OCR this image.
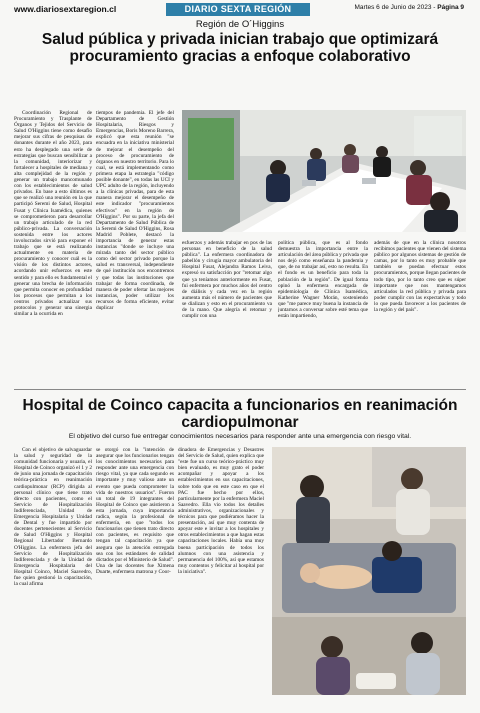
www.diariosextaregion.cl	DIARIO SEXTA REGIÓN	Martes 6 de Junio de 2023 - Página 9
Región de O´Higgins
Salud pública y privada inician trabajo que optimizará procuramiento gracias a enfoque colaborativo
Coordinación Regional de Procuramiento y Trasplante de Órganos y Tejidos del Servicio de Salud O'Higgins tiene como desafío mejorar sus cifras de pesquisas de donantes durante el año 2023, para esto ha desplegado una serie de estrategias que buscan sensibilizar a la comunidad, interiorizar y fortalecer a hospitales de mediana y alta complejidad de la región y generar un trabajo mancomunado con los establecimientos de salud privados. En base a esto últimos es que se realizó una reunión en la que participó Seremi de Salud, Hospital Fusat y Clínica Isamédica, quienes se comprometieron para desarrollar un trabajo articulado de la red público-privada. La conversación sostenida entre los actores involucrados sirvió para exponer el trabajo que se está realizando actualmente en materia de procuramiento y conocer cuál es la visión de los distintos actores, acordando unir esfuerzos en este sentido y para ello es fundamental el generar una brecha de información que permita conocer en profundidad los procesos que permitan a los centros privados actualizar sus protocolos y generar una sinergia similar a la ocurrida en
tiempos de pandemia. El jefe del Departamento de Gestión Hospitalaria, Riesgos y Emergencias, Boris Moreno Barrera, explicó que esta reunión "se encuadra en la iniciativa ministerial de mejorar el desempeño del proceso de procuramiento de órganos en nuestro territorio. Para lo cual, se está implementando como primera etapa la estrategia "código posible donante", en todas las UCI y UPC adulto de la región, incluyendo a la clínicas privadas, para de esta manera mejorar el desempeño de este indicador "procuramientos efectivos" en la región de O'Higgins". Por su parte, la jefa del Departamento de Salud Pública de la Seremi de Salud O'Higgins, Rosa Madrid Poblete, destacó la importancia de generar estas instancias "donde se incluye una mirada tanto del sector público como del sector privado porque la salud es transversal, independiente de qué institución nos encontremos y que todas las instituciones que trabajar de forma coordinada, de manera de poder ofertar las mejores instancias, poder utilizar los recursos de forma eficiente, evitar duplicar
esfuerzos y además trabajar en pos de las personas en beneficio de la salud pública". La enfermera coordinadora de pabellón y cirugía mayor ambulatoria del Hospital Fusat, Alejandra Ramos Leiva, expresó su satisfacción por "retomar algo que ya teníamos anteriormente en Fusat, fui enfermera por muchos años del centro de diálisis y cada vez en la región aumenta más el número de pacientes que se dializan y esto en el procuramiento va de la mano. Que alegría el retomar y cumplir con una
política pública, que es al fondo demuestra la importancia entre la articulación del área pública y privada que nos dejó como enseñanza la pandemia y que, de no trabajar así, esto no resulta. En el fondo es un beneficio para toda la población de la región". De igual forma opinó la enfermera encargada de epidemiología de Clínica Isamédica, Katherine Wagner Morán, sosteniendo que "me parece muy buena la instancia de juntarnos a conversar sobre esté tema que están impartiendo,
además de que en la clínica nosotros recibimos pacientes que vienen del sistema público por algunos sistemas de gestión de camas, por lo tanto es muy probable que también se puedan efectuar estos procuramientos, porque llegan pacientes de todo tipo, por lo tanto creo que es súper importante que nos mantengamos articulados la red pública y privada para poder cumplir con las expectativas y todo lo que pueda favorecer a los pacientes de la región y del país".
Hospital de Coinco capacita a funcionarios en reanimación cardiopulmonar
El objetivo del curso fue entregar conocimientos necesarios para responder ante una emergencia con riesgo vital.
Con el objetivo de salvaguardar la salud y seguridad de la comunidad funcionaria y usuaria, el Hospital de Coinco organizó el 1 y 2 de junio una jornada de capacitación teórica-práctica en reanimación cardiopulmonar (RCP) dirigida al personal clínico que tiene trato directo con pacientes, como el Servicio de Hospitalización Indiferenciada, Unidad de Emergencia Hospitalaria y Unidad de Dental y fue impartido por docentes pertenecientes al Servicio de Salud O'Higgins y Hospital Regional Libertador Bernardo O'Higgins. La enfermera jefa del Servicio de Hospitalización Indiferenciada y de la Unidad de Emergencia Hospitalaria del Hospital Coinco, Maciel Saavedro, fue quien gestionó la capacitación, la cual afirma
se otorgó con la "intención de asegurar que los funcionarios tengan los conocimientos necesarios para responder ante una emergencia con riesgo vital, ya que cada segundo es importante y muy valioso ante un evento que pueda comprometer la vida de nuestros usuarios". Fueron un total de 19 integrantes del Hospital de Coinco que asistieron a esta jornada, cuya importancia radica, según la profesional de enfermería, en que "todos los funcionarios que tienen trato directo con pacientes, es requisito que tengan tal capacitación ya que asegura que la atención entregada sea con los estándares de calidad dictados por el Ministerio de Salud". Una de las docentes fue Ximena Duarte, enfermera matrona y Coor-
dinadora de Emergencias y Desastres del Servicio de Salud, quien explica que "este fue un curso teórico-práctico muy bien evaluado, es muy grato el poder acompañar y apoyar a los establecimientos en sus capacitaciones, sobre todo que en este caso en que el PAC fue hecho por ellos, particularmente por la enfermera Maciel Saavedro. Ella vio todos los detalles administrativos, organizacionales y técnicos para que pudiéramos hacer la presentación, así que muy contenta de apoyar este e invitar a los hospitales y otros establecimientos a que hagan estas capacitaciones locales. Había una muy buena participación de todos los alumnos con una asistencia y permanencia del 100%, así que estamos muy contentos y felicitar al hospital por la iniciativa".
